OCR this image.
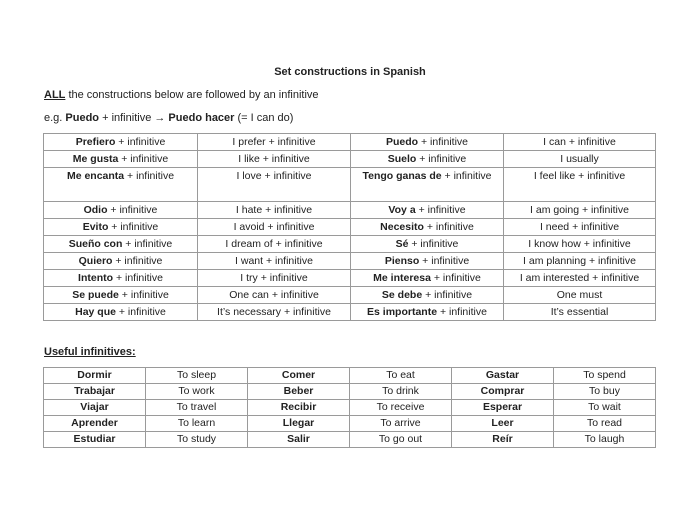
Set constructions in Spanish
ALL the constructions below are followed by an infinitive
e.g. Puedo + infinitive → Puedo hacer (= I can do)
Prefiero + infinitive	I prefer + infinitive	Puedo + infinitive	I can + infinitive
Me gusta + infinitive	I like + infinitive	Suelo + infinitive	I usually
Me encanta + infinitive	I love + infinitive	Tengo ganas de + infinitive	I feel like + infinitive
Odio + infinitive	I hate + infinitive	Voy a + infinitive	I am going + infinitive
Evito + infinitive	I avoid + infinitive	Necesito + infinitive	I need + infinitive
Sueño con + infinitive	I dream of + infinitive	Sé + infinitive	I know how + infinitive
Quiero + infinitive	I want + infinitive	Pienso + infinitive	I am planning + infinitive
Intento + infinitive	I try + infinitive	Me interesa + infinitive	I am interested + infinitive
Se puede + infinitive	One can + infinitive	Se debe + infinitive	One must
Hay que + infinitive	It’s necessary + infinitive	Es importante + infinitive	It’s essential
Useful infinitives:
Dormir	To sleep	Comer	To eat	Gastar	To spend
Trabajar	To work	Beber	To drink	Comprar	To buy
Viajar	To travel	Recibir	To receive	Esperar	To wait
Aprender	To learn	Llegar	To arrive	Leer	To read
Estudiar	To study	Salir	To go out	Reír	To laugh
